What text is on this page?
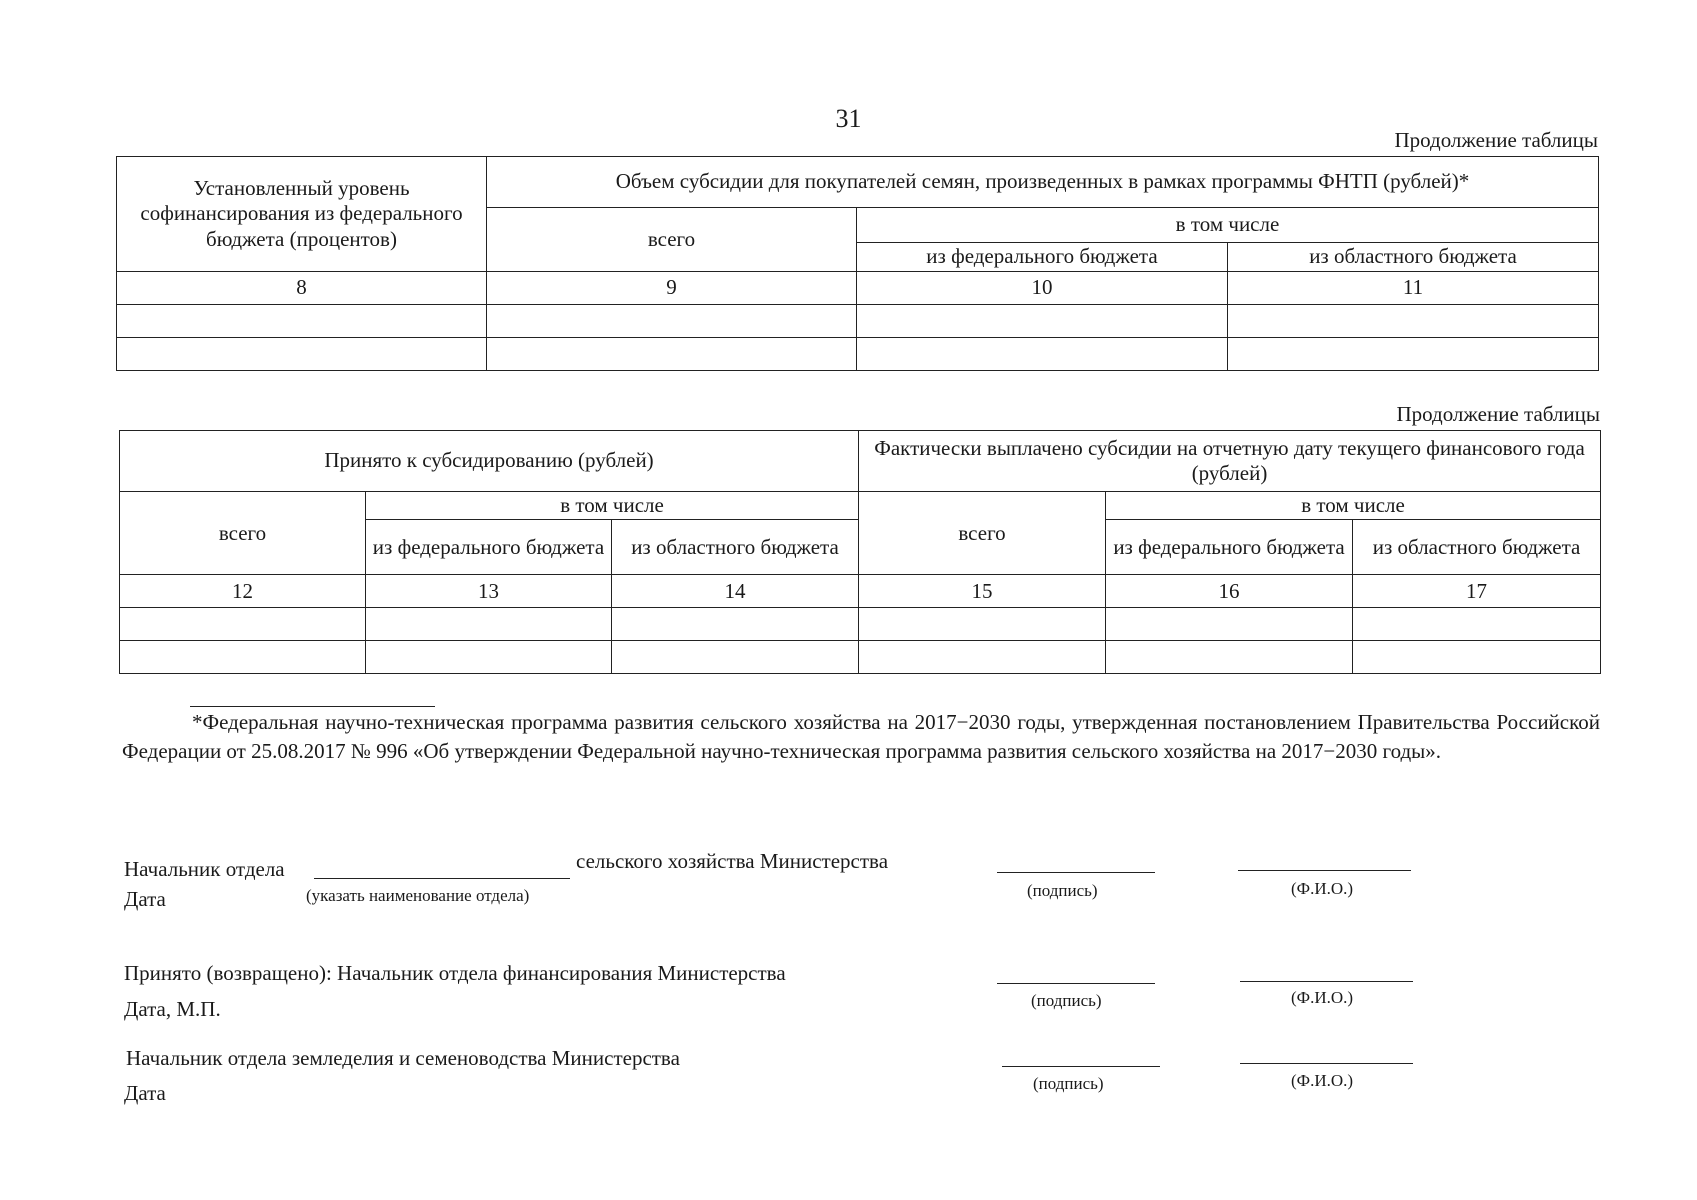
31
Продолжение таблицы
Установленный уровень софинансирования из федерального бюджета (процентов)	Объем субсидии для покупателей семян, произведенных в рамках программы ФНТП (рублей)*		
	всего	в том числе	
		из федерального бюджета	из областного бюджета
8	9	10	11

Продолжение таблицы
Принято к субсидированию (рублей)			Фактически выплачено субсидии на отчетную дату текущего финансового года (рублей)		
всего	в том числе		всего	в том числе	
	из федерального бюджета	из областного бюджета		из федерального бюджета	из областного бюджета
12	13	14	15	16	17

*Федеральная научно-техническая программа развития сельского хозяйства на 2017−2030 годы, утвержденная постановлением Правительства Российской Федерации от 25.08.2017 № 996 «Об утверждении Федеральной научно-техническая программа развития сельского хозяйства на 2017−2030 годы».

Начальник отдела	сельского хозяйства Министерства
Дата	(указать наименование отдела)	(подпись)	(Ф.И.О.)
Принято (возвращено): Начальник отдела финансирования Министерства
Дата, М.П.	(подпись)	(Ф.И.О.)
Начальник отдела земледелия и семеноводства Министерства
Дата	(подпись)	(Ф.И.О.)
